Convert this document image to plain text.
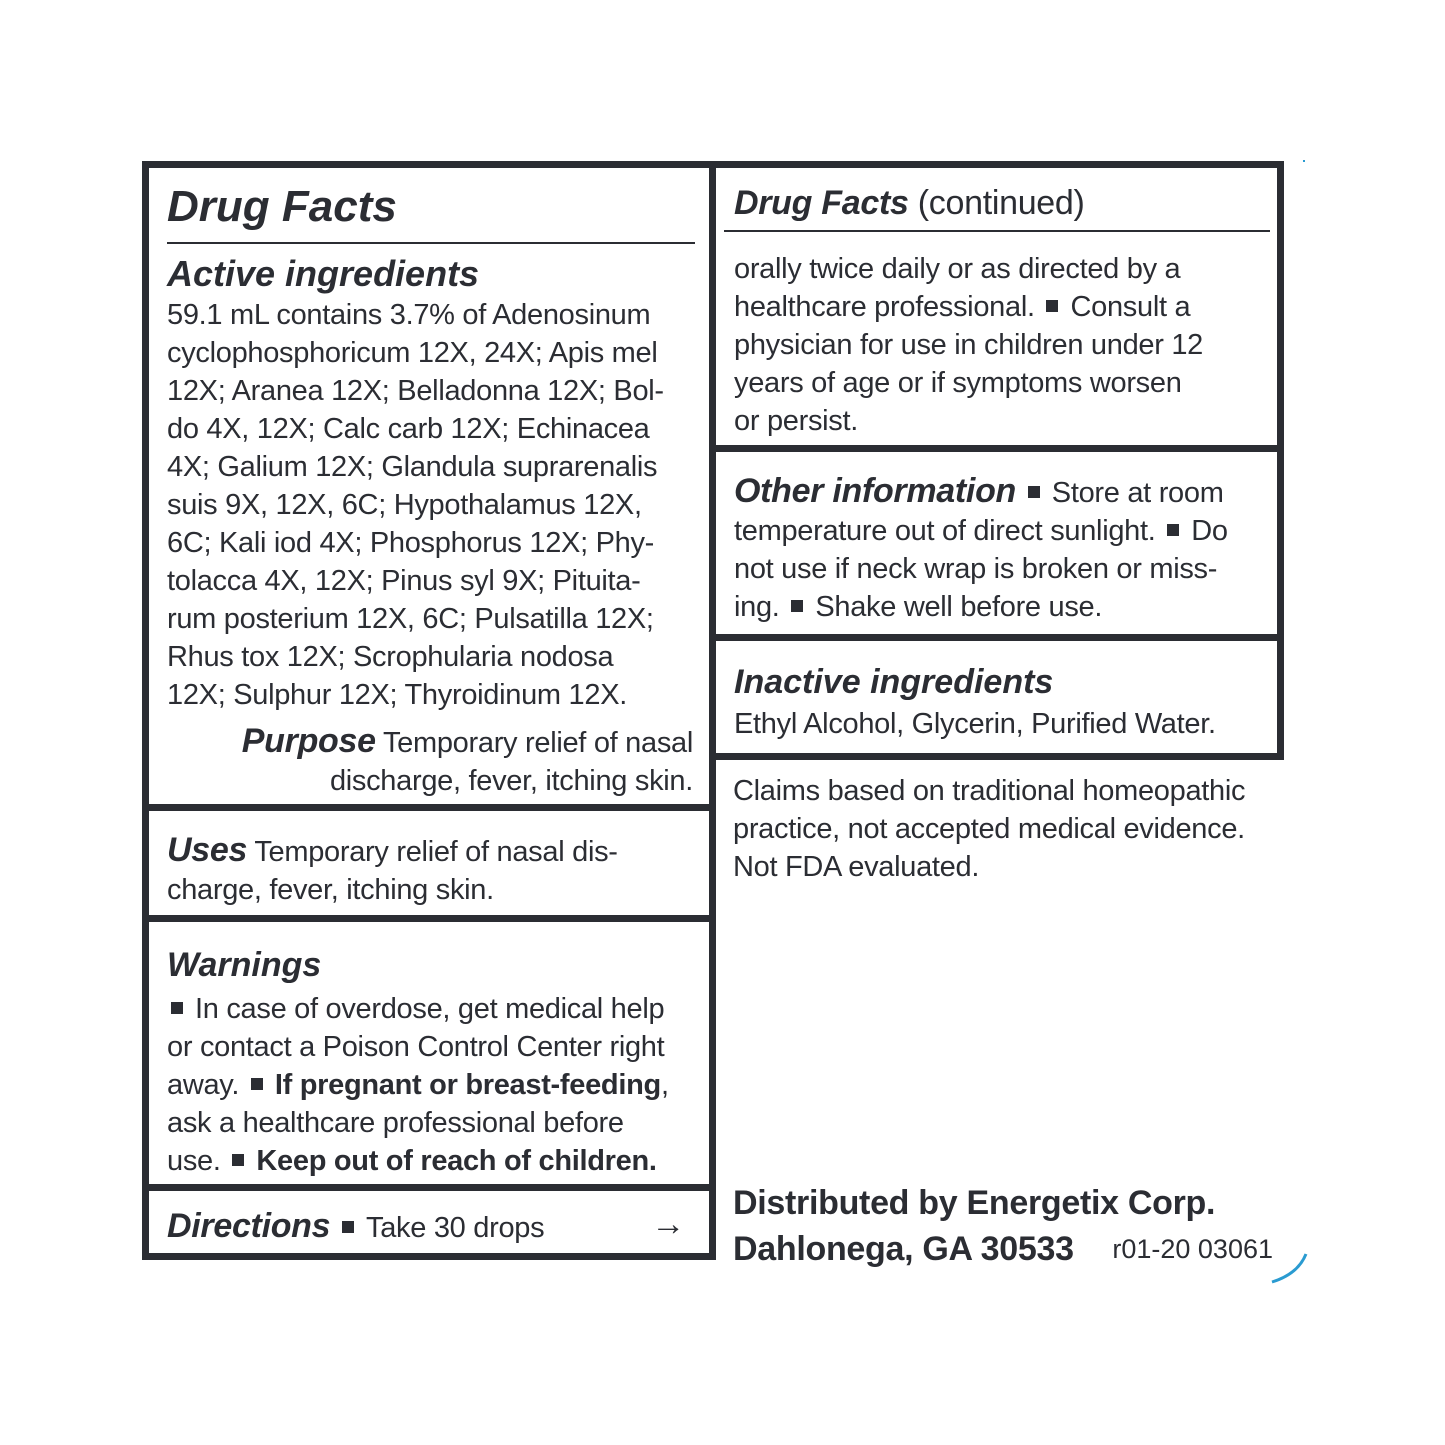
Drug Facts
Active ingredients
59.1 mL contains 3.7% of Adenosinum
cyclophosphoricum 12X, 24X; Apis mel
12X; Aranea 12X; Belladonna 12X; Bol-
do 4X, 12X; Calc carb 12X; Echinacea
4X; Galium 12X; Glandula suprarenalis
suis 9X, 12X, 6C; Hypothalamus 12X,
6C; Kali iod 4X; Phosphorus 12X; Phy-
tolacca 4X, 12X; Pinus syl 9X; Pituita-
rum posterium 12X, 6C; Pulsatilla 12X;
Rhus tox 12X; Scrophularia nodosa
12X; Sulphur 12X; Thyroidinum 12X.
Purpose Temporary relief of nasal
discharge, fever, itching skin.
Uses Temporary relief of nasal dis-
charge, fever, itching skin.
Warnings
In case of overdose, get medical help
or contact a Poison Control Center right
away. If pregnant or breast-feeding,
ask a healthcare professional before
use. Keep out of reach of children.
Directions Take 30 drops	→
Drug Facts (continued)
orally twice daily or as directed by a
healthcare professional. Consult a
physician for use in children under 12
years of age or if symptoms worsen
or persist.
Other information Store at room
temperature out of direct sunlight. Do
not use if neck wrap is broken or miss-
ing. Shake well before use.
Inactive ingredients
Ethyl Alcohol, Glycerin, Purified Water.
Claims based on traditional homeopathic
practice, not accepted medical evidence.
Not FDA evaluated.
Distributed by Energetix Corp.
Dahlonega, GA 30533 r01-20 03061
